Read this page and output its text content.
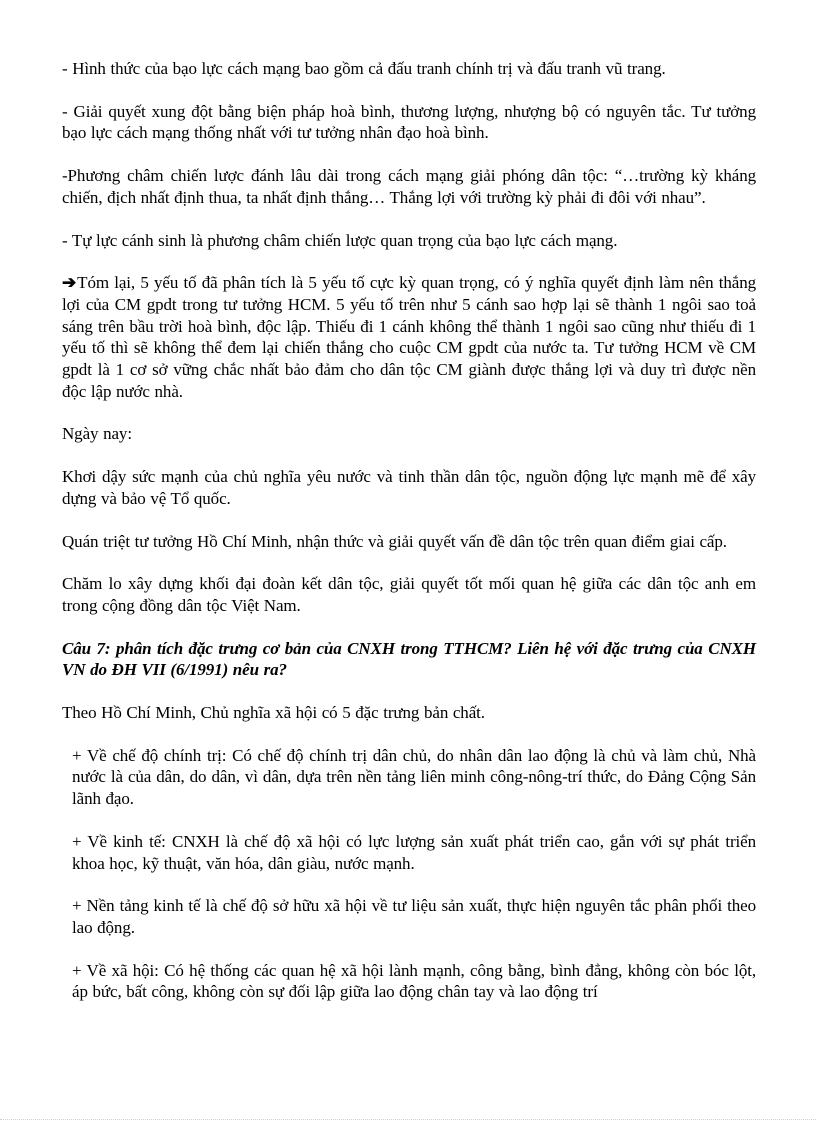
- Hình thức của bạo lực cách mạng bao gồm cả đấu tranh chính trị và đấu tranh vũ trang.

- Giải quyết xung đột bằng biện pháp hoà bình, thương lượng, nhượng bộ có nguyên tắc. Tư tưởng bạo lực cách mạng thống nhất với tư tưởng nhân đạo hoà bình.

-Phương châm chiến lược đánh lâu dài trong cách mạng giải phóng dân tộc: “…trường kỳ kháng chiến, địch nhất định thua, ta nhất định thắng… Thắng lợi với trường kỳ phải đi đôi với nhau”.

- Tự lực cánh sinh là phương châm chiến lược quan trọng của bạo lực cách mạng.

➔Tóm lại, 5 yếu tố đã phân tích là 5 yếu tố cực kỳ quan trọng, có ý nghĩa quyết định làm nên thắng lợi của CM gpdt trong tư tưởng HCM. 5 yếu tố trên như 5 cánh sao hợp lại sẽ thành 1 ngôi sao toả sáng trên bầu trời hoà bình, độc lập. Thiếu đi 1 cánh không thể thành 1 ngôi sao cũng như thiếu đi 1 yếu tố thì sẽ không thể đem lại chiến thắng cho cuộc CM gpdt của nước ta. Tư tưởng HCM về CM gpdt là 1 cơ sở vững chắc nhất bảo đảm cho dân tộc CM giành được thắng lợi và duy trì được nền độc lập nước nhà.

Ngày nay:

Khơi dậy sức mạnh của chủ nghĩa yêu nước và tinh thần dân tộc, nguồn động lực mạnh mẽ để xây dựng và bảo vệ Tổ quốc.

Quán triệt tư tưởng Hồ Chí Minh, nhận thức và giải quyết vấn đề dân tộc trên quan điểm giai cấp.

Chăm lo xây dựng khối đại đoàn kết dân tộc, giải quyết tốt mối quan hệ giữa các dân tộc anh em trong cộng đồng dân tộc Việt Nam.

Câu 7: phân tích đặc trưng cơ bản của CNXH trong TTHCM? Liên hệ với đặc trưng của CNXH VN do ĐH VII (6/1991) nêu ra?

Theo Hồ Chí Minh, Chủ nghĩa xã hội có 5 đặc trưng bản chất.

+ Về chế độ chính trị: Có chế độ chính trị dân chủ, do nhân dân lao động là chủ và làm chủ, Nhà nước là của dân, do dân, vì dân, dựa trên nền tảng liên minh công-nông-trí thức, do Đảng Cộng Sản lãnh đạo.

+ Về kinh tế: CNXH là chế độ xã hội có lực lượng sản xuất phát triển cao, gắn với sự phát triển khoa học, kỹ thuật, văn hóa, dân giàu, nước mạnh.

+ Nền tảng kinh tế là chế độ sở hữu xã hội về tư liệu sản xuất, thực hiện nguyên tắc phân phối theo lao động.

+ Về xã hội: Có hệ thống các quan hệ xã hội lành mạnh, công bằng, bình đẳng, không còn bóc lột, áp bức, bất công, không còn sự đối lập giữa lao động chân tay và lao động trí
